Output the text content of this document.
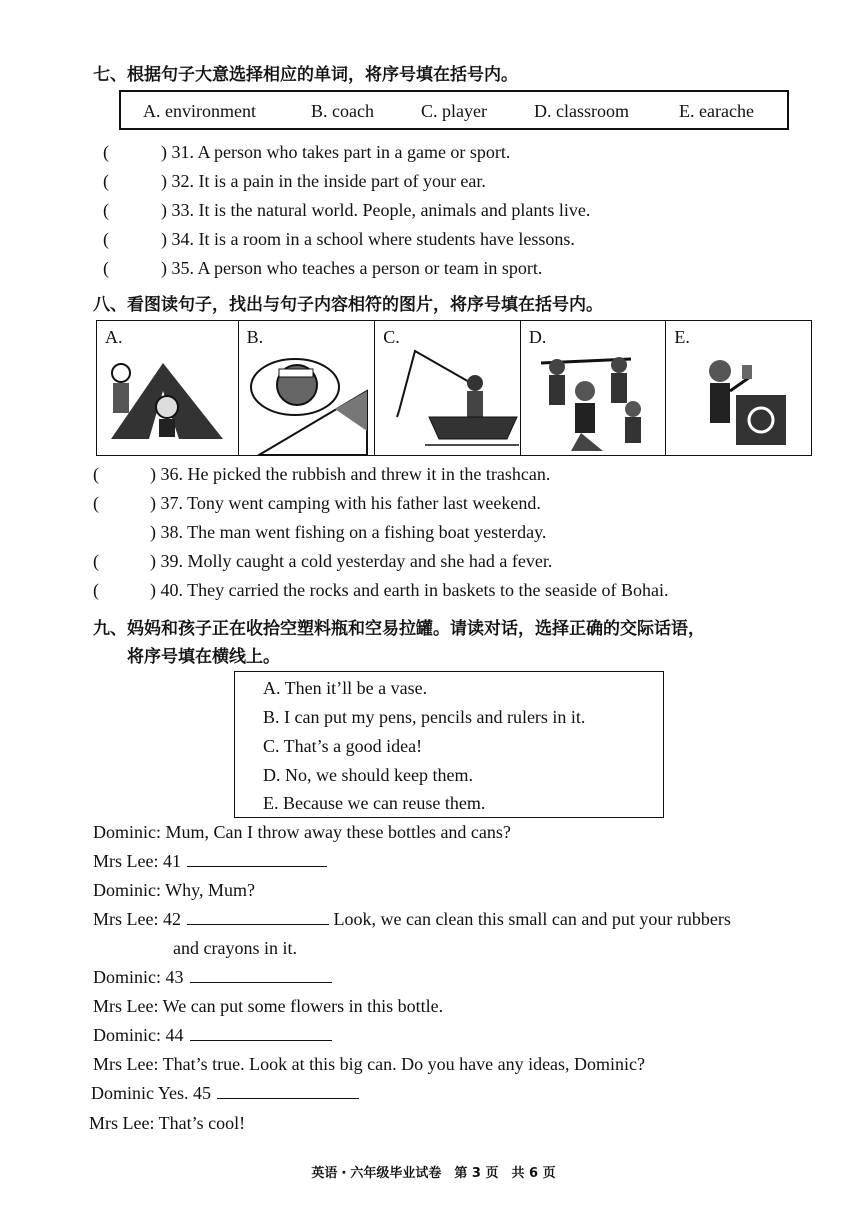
七、根据句子大意选择相应的单词，将序号填在括号内。
A. environment	B. coach	C. player	D. classroom	E. earache
(	) 31. A person who takes part in a game or sport.
(	) 32. It is a pain in the inside part of your ear.
(	) 33. It is the natural world. People, animals and plants live.
(	) 34. It is a room in a school where students have lessons.
(	) 35. A person who teaches a person or team in sport.
八、看图读句子，找出与句子内容相符的图片，将序号填在括号内。
A.	B.	C.	D.	E.
(	) 36. He picked the rubbish and threw it in the trashcan.
(	) 37. Tony went camping with his father last weekend.
) 38. The man went fishing on a fishing boat yesterday.
(	) 39. Molly caught a cold yesterday and she had a fever.
(	) 40. They carried the rocks and earth in baskets to the seaside of Bohai.
九、妈妈和孩子正在收拾空塑料瓶和空易拉罐。请读对话，选择正确的交际话语，
将序号填在横线上。
A. Then it’ll be a vase.
B. I can put my pens, pencils and rulers in it.
C. That’s a good idea!
D. No, we should keep them.
E. Because we can reuse them.
Dominic: Mum, Can I throw away these bottles and cans?
Mrs Lee: 41
Dominic: Why, Mum?
Mrs Lee: 42	Look, we can clean this small can and put your rubbers
and crayons in it.
Dominic: 43
Mrs Lee: We can put some flowers in this bottle.
Dominic: 44
Mrs Lee: That’s true. Look at this big can. Do you have any ideas, Dominic?
Dominic Yes. 45
Mrs Lee: That’s cool!
英语・六年级毕业试卷　第 3 页　共 6 页
